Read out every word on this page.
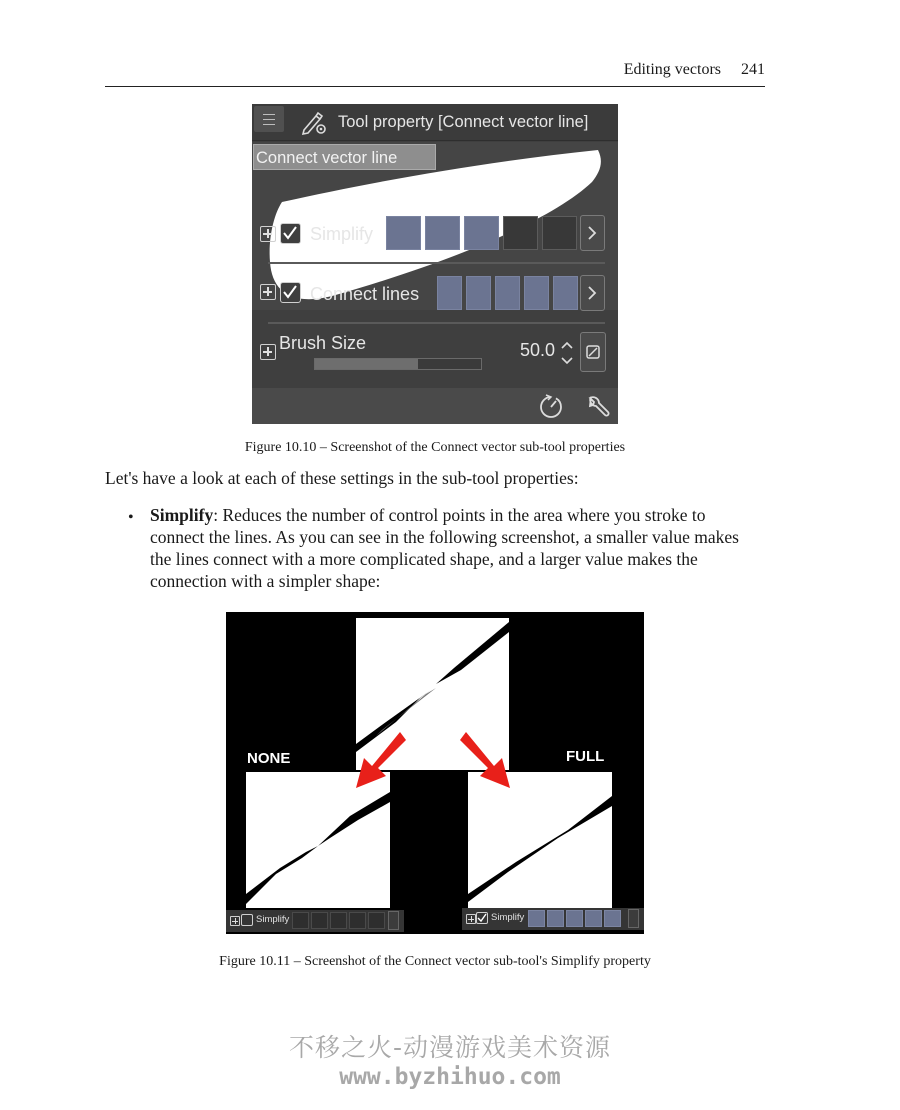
Editing vectors 241
Tool property [Connect vector line]
Connect vector line
Simplify
Connect lines
Brush Size	50.0
Figure 10.10 – Screenshot of the Connect vector sub-tool properties
Let's have a look at each of these settings in the sub-tool properties:
• Simplify: Reduces the number of control points in the area where you stroke to
connect the lines. As you can see in the following screenshot, a smaller value makes
the lines connect with a more complicated shape, and a larger value makes the
connection with a simpler shape:
NONE	FULL
Simplify	Simplify
Figure 10.11 – Screenshot of the Connect vector sub-tool's Simplify property
不移之火-动漫游戏美术资源
www.byzhihuo.com
